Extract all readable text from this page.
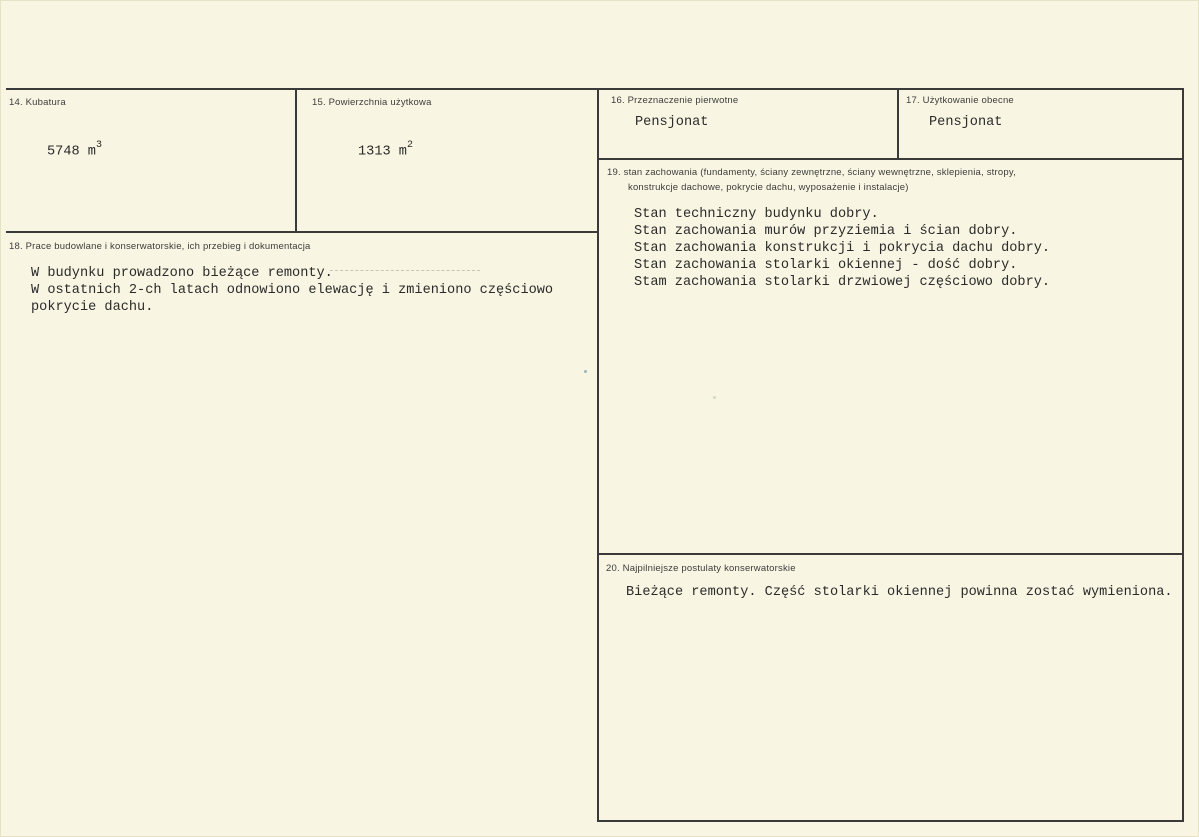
14. Kubatura
5748 $m^3$
15. Powierzchnia użytkowa
1313 $m^2$
16. Przeznaczenie pierwotne
Pensjonat
17. Użytkowanie obecne
Pensjonat
18. Prace budowlane i konserwatorskie, ich przebieg i dokumentacja
W budynku prowadzono bieżące remonty.
W ostatnich 2-ch latach odnowiono elewację i zmieniono częściowo
pokrycie dachu.
19. stan zachowania (fundamenty, ściany zewnętrzne, ściany wewnętrzne, sklepienia, stropy,
konstrukcje dachowe, pokrycie dachu, wyposażenie i instalacje)
Stan techniczny budynku dobry.
Stan zachowania murów przyziemia i ścian dobry.
Stan zachowania konstrukcji i pokrycia dachu dobry.
Stan zachowania stolarki okiennej - dość dobry.
Stam zachowania stolarki drzwiowej częściowo dobry.
20. Najpilniejsze postulaty konserwatorskie
Bieżące remonty. Część stolarki okiennej powinna zostać wymieniona.
